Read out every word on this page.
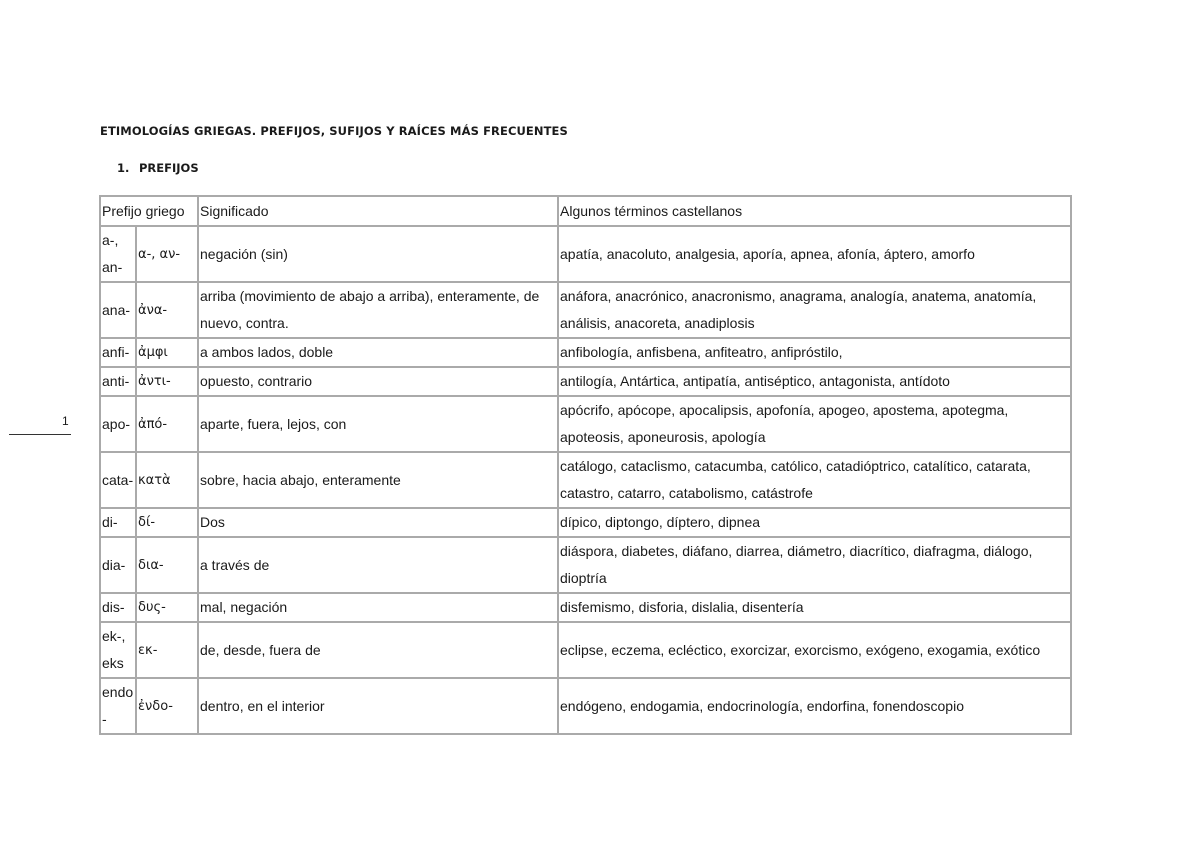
ETIMOLOGÍAS GRIEGAS. PREFIJOS, SUFIJOS Y RAÍCES MÁS FRECUENTES
1. PREFIJOS
1
Prefijo griego		Significado	Algunos términos castellanos
a-, an-	α-, αν-	negación (sin)	apatía, anacoluto, analgesia, aporía, apnea, afonía, áptero, amorfo
ana-	ἀνα-	arriba (movimiento de abajo a arriba), enteramente, de nuevo, contra.	anáfora, anacrónico, anacronismo, anagrama, analogía, anatema, anatomía, análisis, anacoreta, anadiplosis
anfi-	ἀμφι	a ambos lados, doble	anfibología, anfisbena, anfiteatro, anfipróstilo,
anti-	ἀντι-	opuesto, contrario	antilogía, Antártica, antipatía, antiséptico, antagonista, antídoto
apo-	ἀπό-	aparte, fuera, lejos, con	apócrifo, apócope, apocalipsis, apofonía, apogeo, apostema, apotegma, apoteosis, aponeurosis, apología
cata-	κατὰ	sobre, hacia abajo, enteramente	catálogo, cataclismo, catacumba, católico, catadióptrico, catalítico, catarata, catastro, catarro, catabolismo, catástrofe
di-	δί-	Dos	dípico, diptongo, díptero, dipnea
dia-	δια-	a través de	diáspora, diabetes, diáfano, diarrea, diámetro, diacrítico, diafragma, diálogo, dioptría
dis-	δυς-	mal, negación	disfemismo, disforia, dislalia, disentería
ek-, eks	εκ-	de, desde, fuera de	eclipse, eczema, ecléctico, exorcizar, exorcismo, exógeno, exogamia, exótico
endo-	ἐνδο-	dentro, en el interior	endógeno, endogamia, endocrinología, endorfina, fonendoscopio
